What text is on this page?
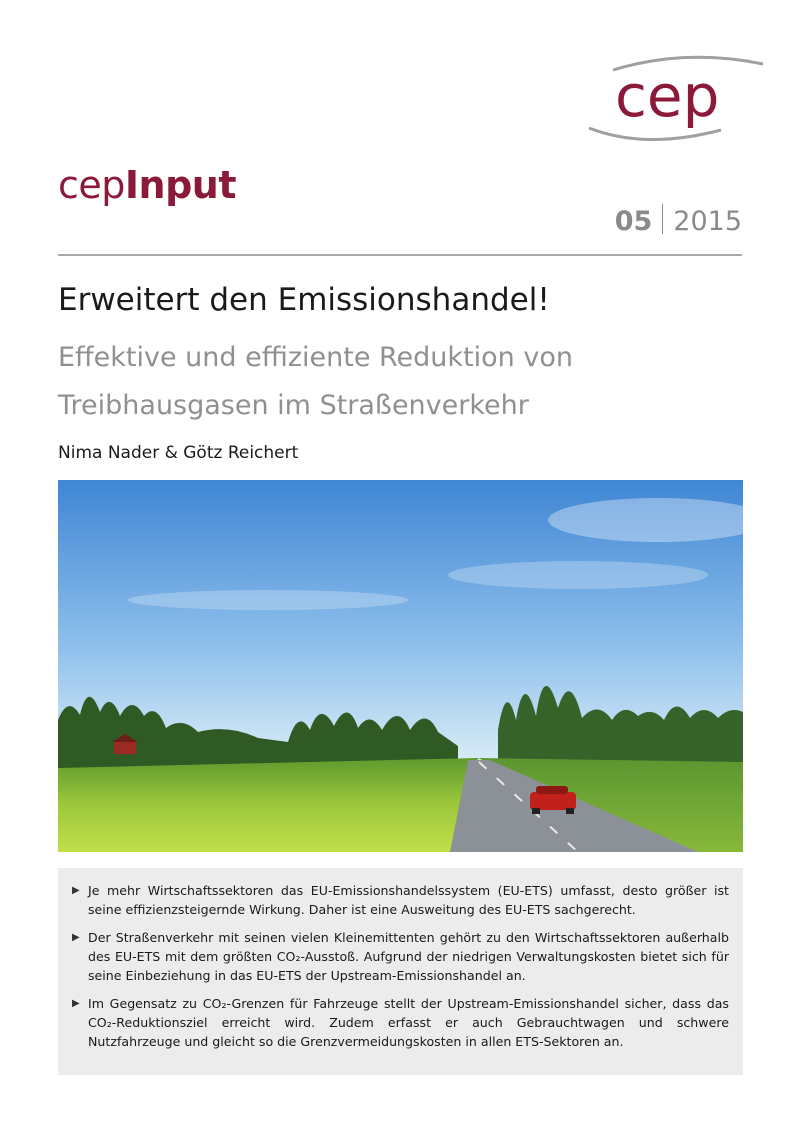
cep
cepInput
05 2015
Erweitert den Emissionshandel!
Effektive und effiziente Reduktion von Treibhausgasen im Straßenverkehr
Nima Nader & Götz Reichert
▶ Je mehr Wirtschaftssektoren das EU-Emissionshandelssystem (EU-ETS) umfasst, desto größer ist seine effizienzsteigernde Wirkung. Daher ist eine Ausweitung des EU-ETS sachgerecht.
▶ Der Straßenverkehr mit seinen vielen Kleinemittenten gehört zu den Wirtschaftssektoren außerhalb des EU-ETS mit dem größten CO₂-Ausstoß. Aufgrund der niedrigen Verwaltungskosten bietet sich für seine Einbeziehung in das EU-ETS der Upstream-Emissionshandel an.
▶ Im Gegensatz zu CO₂-Grenzen für Fahrzeuge stellt der Upstream-Emissionshandel sicher, dass das CO₂-Reduktionsziel erreicht wird. Zudem erfasst er auch Gebrauchtwagen und schwere Nutzfahrzeuge und gleicht so die Grenzvermeidungskosten in allen ETS-Sektoren an.
